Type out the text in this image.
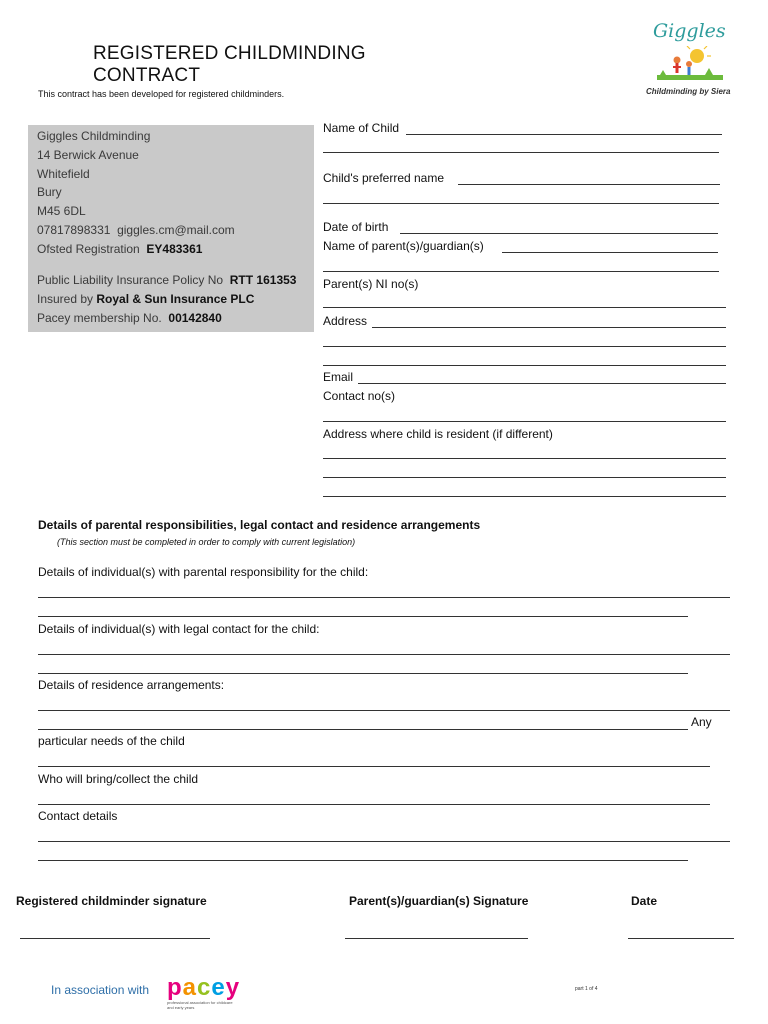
REGISTERED CHILDMINDING
CONTRACT
This contract has been developed for registered childminders.
Giggles
Childminding by Siera
Giggles Childminding
14 Berwick Avenue
Whitefield
Bury
M45 6DL
07817898331 giggles.cm@mail.com
Ofsted Registration EY483361
Public Liability Insurance Policy No RTT 161353
Insured by Royal & Sun Insurance PLC
Pacey membership No. 00142840
Name of Child
Child's preferred name
Date of birth
Name of parent(s)/guardian(s)
Parent(s) NI no(s)
Address
Email
Contact no(s)
Address where child is resident (if different)
Details of parental responsibilities, legal contact and residence arrangements
(This section must be completed in order to comply with current legislation)
Details of individual(s) with parental responsibility for the child:
Details of individual(s) with legal contact for the child:
Details of residence arrangements:
Any
particular needs of the child
Who will bring/collect the child
Contact details
Registered childminder signature	Parent(s)/guardian(s) Signature	Date
In association with pacey
professional association for childcare and early years
part 1 of 4
